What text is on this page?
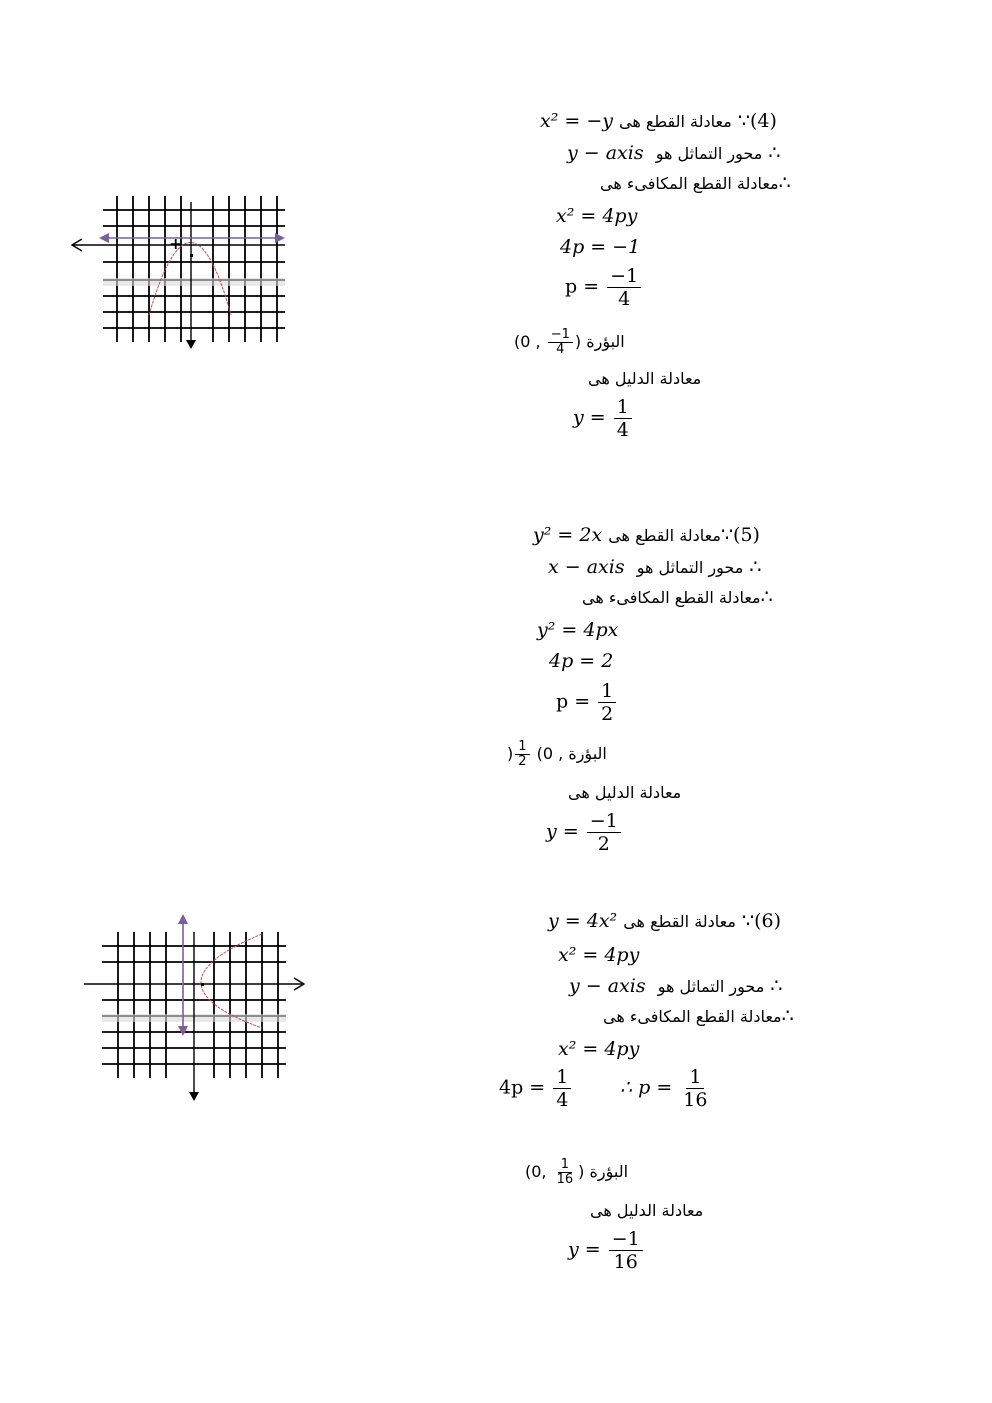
x² = −y معادلة القطع هى ∵(4)
y − axis محور التماثل هو ∴
معادلة القطع المكافىء هى∴
x² = 4py
4p = −1
$p = \frac{-1}{4}$
(0 , $\frac{-1}{4}$ ) البؤرة
معادلة الدليل هى
$y = \frac{1}{4}$
+
y² = 2x معادلة القطع هى∵(5)
x − axis محور التماثل هو ∴
معادلة القطع المكافىء هى∴
y² = 4px
4p = 2
$p = \frac{1}{2}$
) $\frac{1}{2} (0$ , البؤرة
معادلة الدليل هى
$y = \frac{-1}{2}$
y = 4x² معادلة القطع هى ∵(6)
x² = 4py
y − axis محور التماثل هو ∴
معادلة القطع المكافىء هى∴
x² = 4py
$4p = \frac{1}{4}$	∴ $p = \frac{1}{16}$
(0, $\frac{1}{16}$ ) البؤرة
معادلة الدليل هى
$y = \frac{-1}{16}$
